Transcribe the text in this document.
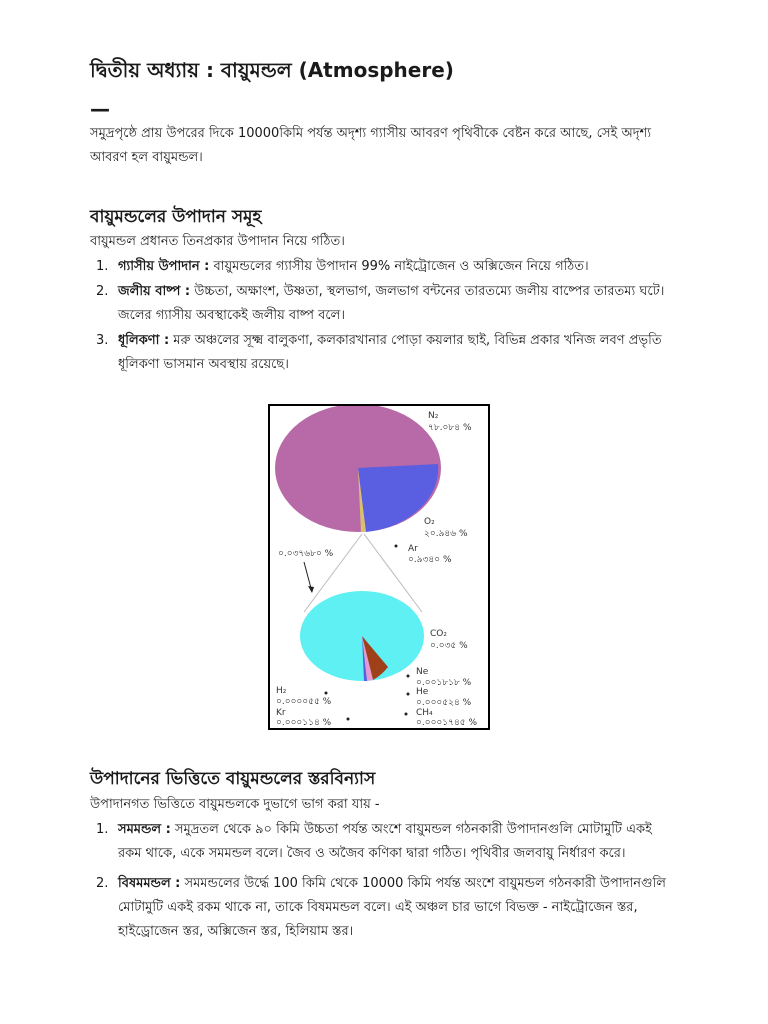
দ্বিতীয় অধ্যায় : বায়ুমন্ডল (Atmosphere)
—
সমুদ্রপৃষ্ঠে প্রায় উপরের দিকে 10000কিমি পর্যন্ত অদৃশ্য গ্যাসীয় আবরণ পৃথিবীকে বেষ্টন করে আছে, সেই অদৃশ্য আবরণ হল বায়ুমন্ডল।
বায়ুমন্ডলের উপাদান সমূহ
বায়ুমন্ডল প্রধানত তিনপ্রকার উপাদান নিয়ে গঠিত।
1. গ্যাসীয় উপাদান : বায়ুমন্ডলের গ্যাসীয় উপাদান 99% নাইট্রোজেন ও অক্সিজেন নিয়ে গঠিত।
2. জলীয় বাষ্প : উচ্চতা, অক্ষাংশ, উষ্ণতা, স্থলভাগ, জলভাগ বন্টনের তারতম্যে জলীয় বাষ্পের তারতম্য ঘটে। জলের গ্যাসীয় অবস্থাকেই জলীয় বাষ্প বলে।
3. ধূলিকণা : মরু অঞ্চলের সূক্ষ্ম বালুকণা, কলকারখানার পোড়া কয়লার ছাই, বিভিন্ন প্রকার খনিজ লবণ প্রভৃতি ধূলিকণা ভাসমান অবস্থায় রয়েছে।
N₂
৭৮.০৮৪ %
O₂
২০.৯৪৬ %
Ar
০.৯৩৪০ %
০.০৩৭৬৮০ %
CO₂
০.০৩৫ %
Ne
০.০০১৮১৮ %
He
০.০০০৫২৪ %
CH₄
০.০০০১৭৪৫ %
H₂
০.০০০০৫৫ %
Kr
০.০০০১১৪ %
উপাদানের ভিত্তিতে বায়ুমন্ডলের স্তরবিন্যাস
উপাদানগত ভিত্তিতে বায়ুমন্ডলকে দুভাগে ভাগ করা যায় -
1. সমমন্ডল : সমুদ্রতল থেকে ৯০ কিমি উচ্চতা পর্যন্ত অংশে বায়ুমন্ডল গঠনকারী উপাদানগুলি মোটামুটি একই রকম থাকে, একে সমমন্ডল বলে। জৈব ও অজৈব কণিকা দ্বারা গঠিত। পৃথিবীর জলবায়ু নির্ধারণ করে।
2. বিষমমন্ডল : সমমন্ডলের উর্দ্ধে 100 কিমি থেকে 10000 কিমি পর্যন্ত অংশে বায়ুমন্ডল গঠনকারী উপাদানগুলি মোটামুটি একই রকম থাকে না, তাকে বিষমমন্ডল বলে। এই অঞ্চল চার ভাগে বিভক্ত - নাইট্রোজেন স্তর, হাইড্রোজেন স্তর, অক্সিজেন স্তর, হিলিয়াম স্তর।
